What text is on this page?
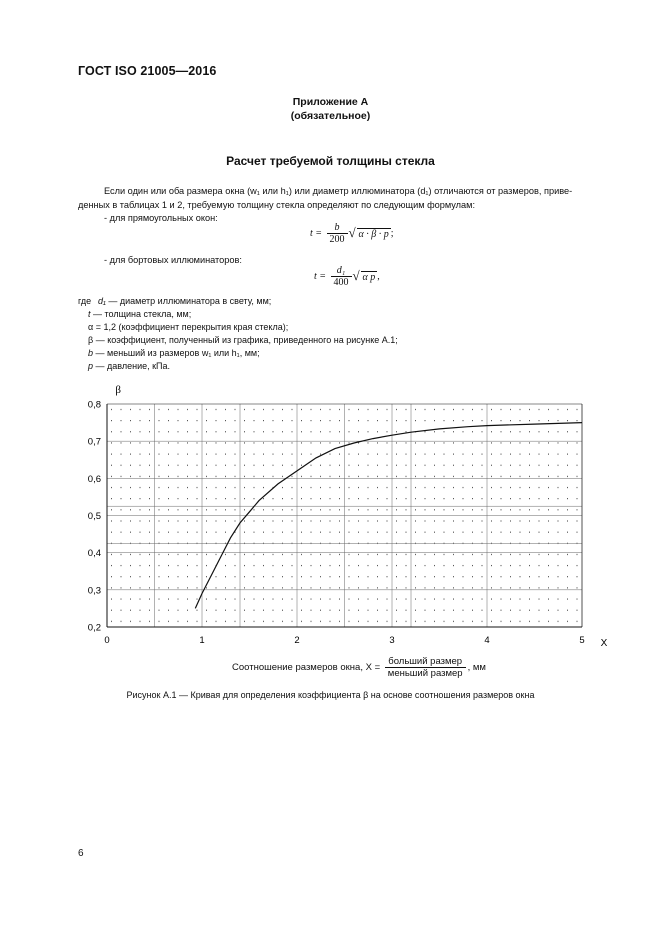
ГОСТ ISO 21005—2016
Приложение А
(обязательное)
Расчет требуемой толщины стекла
Если один или оба размера окна (w₁ или h₁) или диаметр иллюминатора (d₁) отличаются от размеров, приве-
денных в таблицах 1 и 2, требуемую толщину стекла определяют по следующим формулам:
- для прямоугольных окон:
$t = \frac{b}{200}$ √ α · β · p ;
- для бортовых иллюминаторов:
$t = \frac{\text{d₁}}{400}$ √ α p ,
где d₁ — диаметр иллюминатора в свету, мм;
t — толщина стекла, мм;
α = 1,2 (коэффициент перекрытия края стекла);
β — коэффициент, полученный из графика, приведенного на рисунке А.1;
b — меньший из размеров w₁ или h₁, мм;
p — давление, кПа.
0,2
0,3
0,4
0,5
0,6
0,7
0,8
0	1	2	3	4	5
β
X
Соотношение размеров окна, $X = \frac{\text{больший размер}}{\text{меньший размер}}$ , мм
Рисунок А.1 — Кривая для определения коэффициента β на основе соотношения размеров окна
6
